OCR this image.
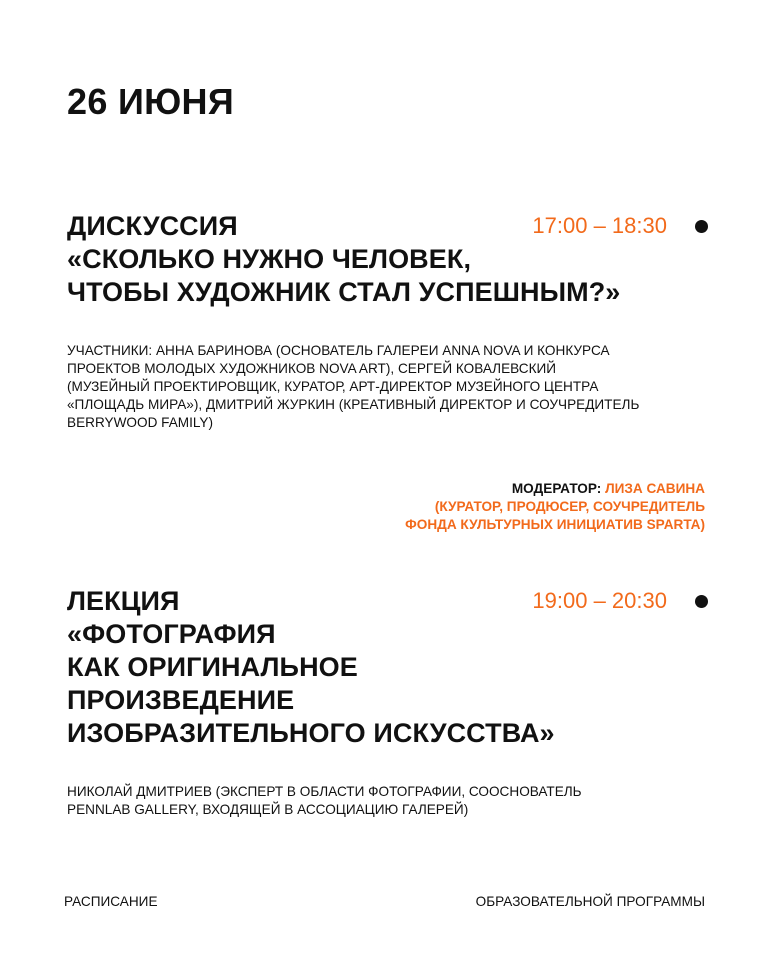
26 ИЮНЯ
ДИСКУССИЯ
«СКОЛЬКО НУЖНО ЧЕЛОВЕК,
ЧТОБЫ ХУДОЖНИК СТАЛ УСПЕШНЫМ?»
17:00 – 18:30

УЧАСТНИКИ: АННА БАРИНОВА (ОСНОВАТЕЛЬ ГАЛЕРЕИ ANNA NOVA И КОНКУРСА
ПРОЕКТОВ МОЛОДЫХ ХУДОЖНИКОВ NOVA ART), СЕРГЕЙ КОВАЛЕВСКИЙ
(МУЗЕЙНЫЙ ПРОЕКТИРОВЩИК, КУРАТОР, АРТ-ДИРЕКТОР МУЗЕЙНОГО ЦЕНТРА
«ПЛОЩАДЬ МИРА»), ДМИТРИЙ ЖУРКИН (КРЕАТИВНЫЙ ДИРЕКТОР И СОУЧРЕДИТЕЛЬ
BERRYWOOD FAMILY)

МОДЕРАТОР: ЛИЗА САВИНА
(КУРАТОР, ПРОДЮСЕР, СОУЧРЕДИТЕЛЬ
ФОНДА КУЛЬТУРНЫХ ИНИЦИАТИВ SPARTA)
ЛЕКЦИЯ
«ФОТОГРАФИЯ
КАК ОРИГИНАЛЬНОЕ
ПРОИЗВЕДЕНИЕ
ИЗОБРАЗИТЕЛЬНОГО ИСКУССТВА»
19:00 – 20:30

НИКОЛАЙ ДМИТРИЕВ (ЭКСПЕРТ В ОБЛАСТИ ФОТОГРАФИИ, СООСНОВАТЕЛЬ
PENNLAB GALLERY, ВХОДЯЩЕЙ В АССОЦИАЦИЮ ГАЛЕРЕЙ)

РАСПИСАНИЕ	ОБРАЗОВАТЕЛЬНОЙ ПРОГРАММЫ
